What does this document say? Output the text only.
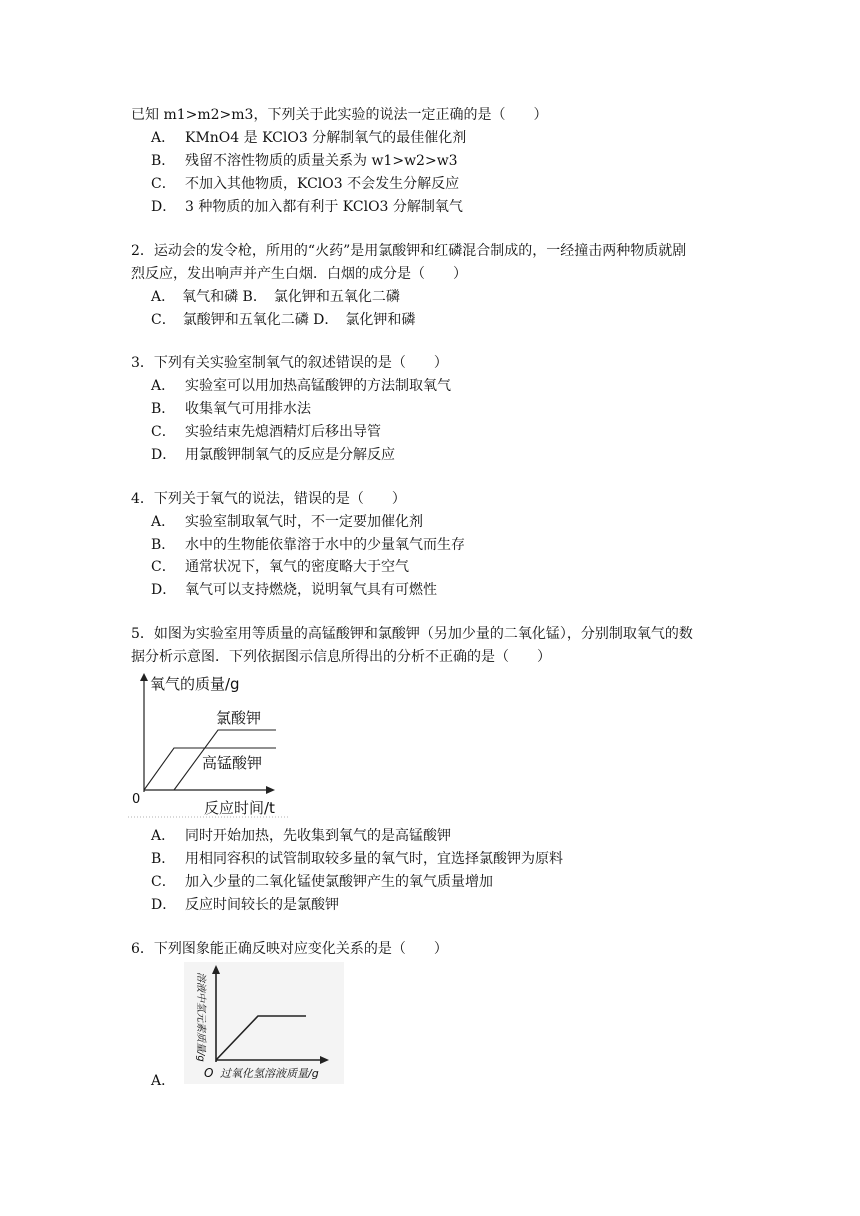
已知 m1>m2>m3，下列关于此实验的说法一定正确的是（　　）
A． KMnO4 是 KClO3 分解制氧气的最佳催化剂
B． 残留不溶性物质的质量关系为 w1>w2>w3
C． 不加入其他物质，KClO3 不会发生分解反应
D． 3 种物质的加入都有利于 KClO3 分解制氧气
2．运动会的发令枪，所用的“火药”是用氯酸钾和红磷混合制成的，一经撞击两种物质就剧
烈反应，发出响声并产生白烟．白烟的成分是（　　）
A．　氧气和磷 B．　氯化钾和五氧化二磷
C．　氯酸钾和五氧化二磷 D．　氯化钾和磷
3．下列有关实验室制氧气的叙述错误的是（　　）
A． 实验室可以用加热高锰酸钾的方法制取氧气
B． 收集氧气可用排水法
C． 实验结束先熄酒精灯后移出导管
D． 用氯酸钾制氧气的反应是分解反应
4．下列关于氧气的说法，错误的是（　　）
A． 实验室制取氧气时，不一定要加催化剂
B． 水中的生物能依靠溶于水中的少量氧气而生存
C． 通常状况下，氧气的密度略大于空气
D． 氧气可以支持燃烧，说明氧气具有可燃性
5．如图为实验室用等质量的高锰酸钾和氯酸钾（另加少量的二氧化锰），分别制取氧气的数
据分析示意图．下列依据图示信息所得出的分析不正确的是（　　）
氧气的质量/g
氯酸钾
高锰酸钾
0	反应时间/t
A． 同时开始加热，先收集到氧气的是高锰酸钾
B． 用相同容积的试管制取较多量的氧气时，宜选择氯酸钾为原料
C． 加入少量的二氧化锰使氯酸钾产生的氧气质量增加
D． 反应时间较长的是氯酸钾
6．下列图象能正确反映对应变化关系的是（　　）
O 过氧化氢溶液质量/g
溶液中氢元素质量/g
A．
